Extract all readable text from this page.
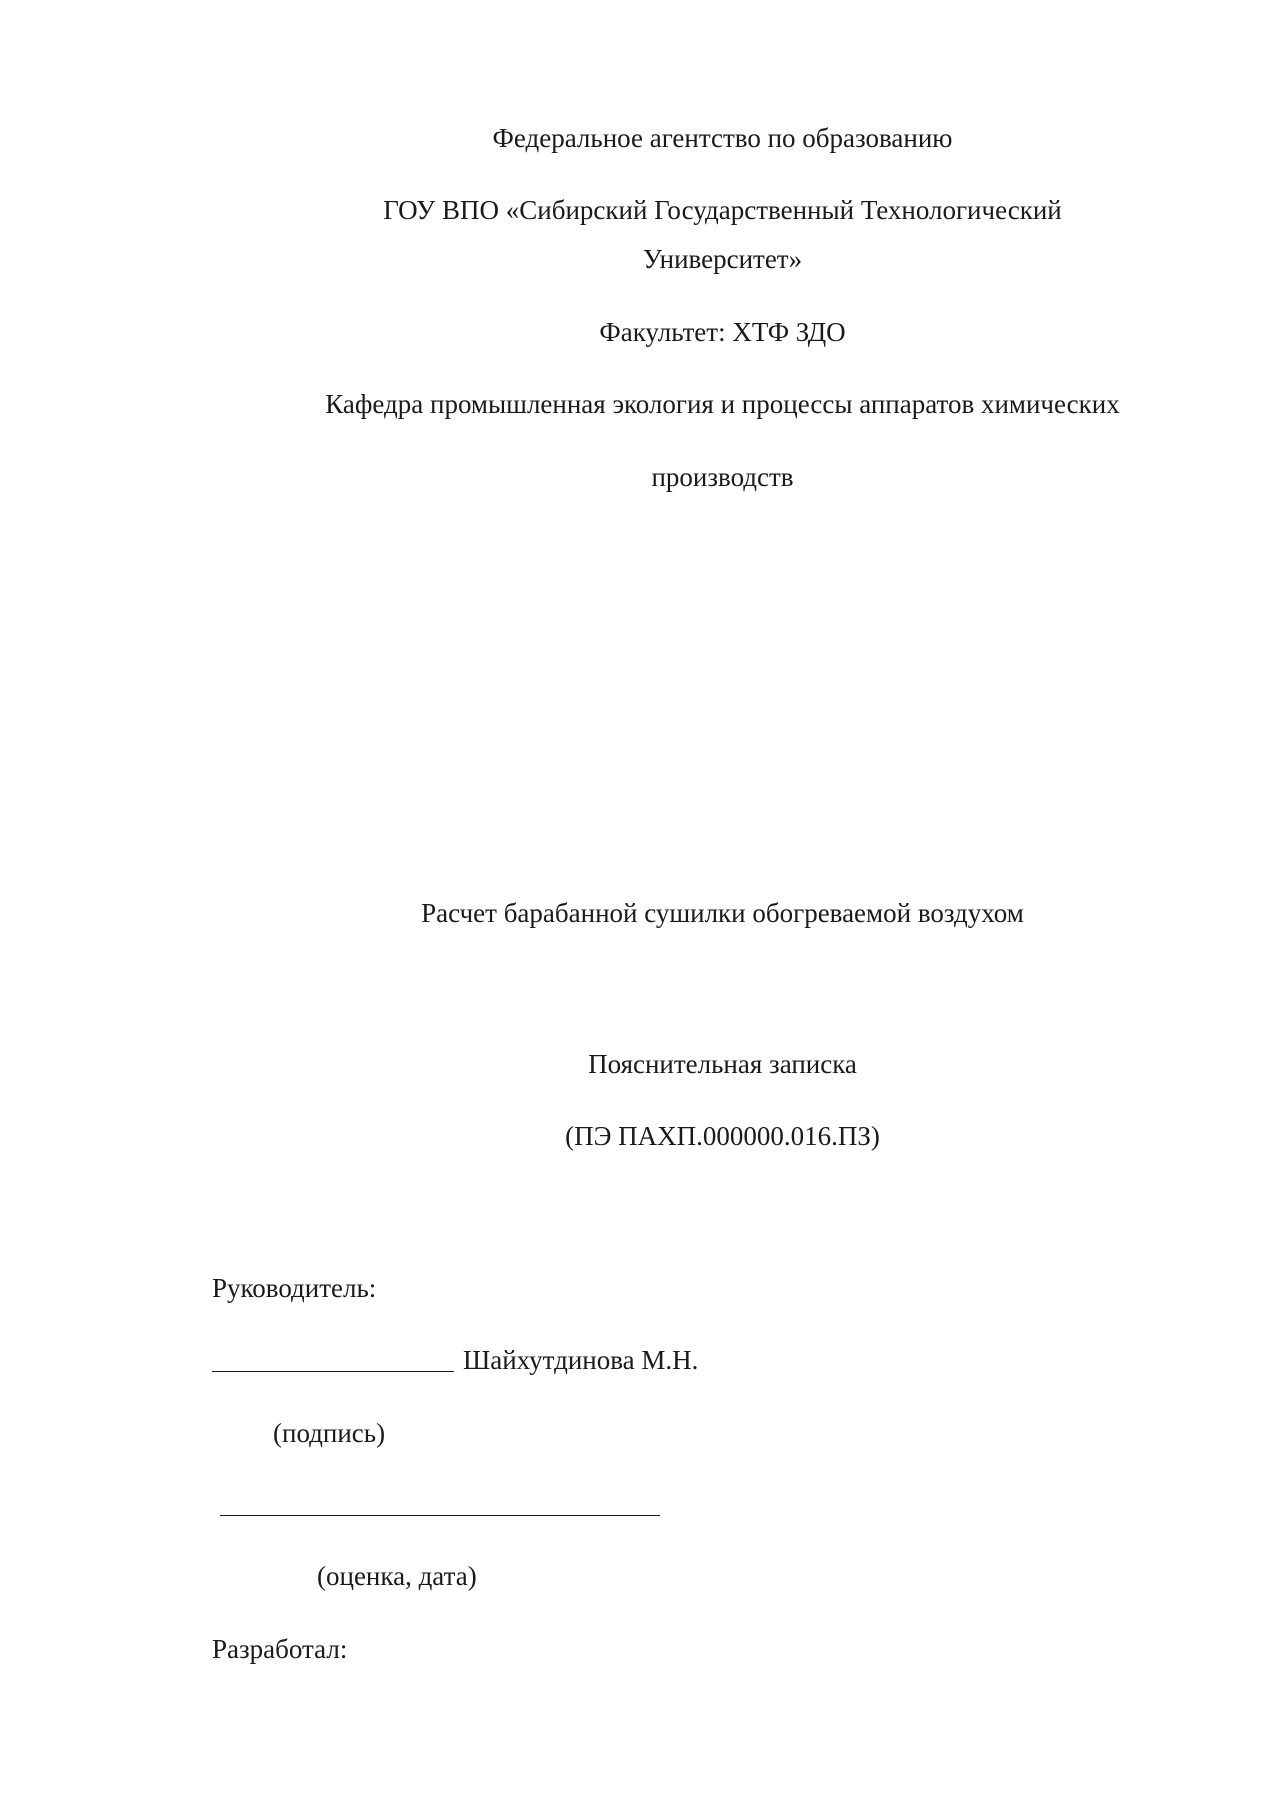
Федеральное агентство по образованию
ГОУ ВПО «Сибирский Государственный Технологический
Университет»
Факультет: ХТФ ЗДО
Кафедра промышленная экология и процессы аппаратов химических
производств
Расчет барабанной сушилки обогреваемой воздухом
Пояснительная записка
(ПЭ ПАХП.000000.016.ПЗ)
Руководитель:
Шайхутдинова М.Н.
(подпись)
(оценка, дата)
Разработал:
